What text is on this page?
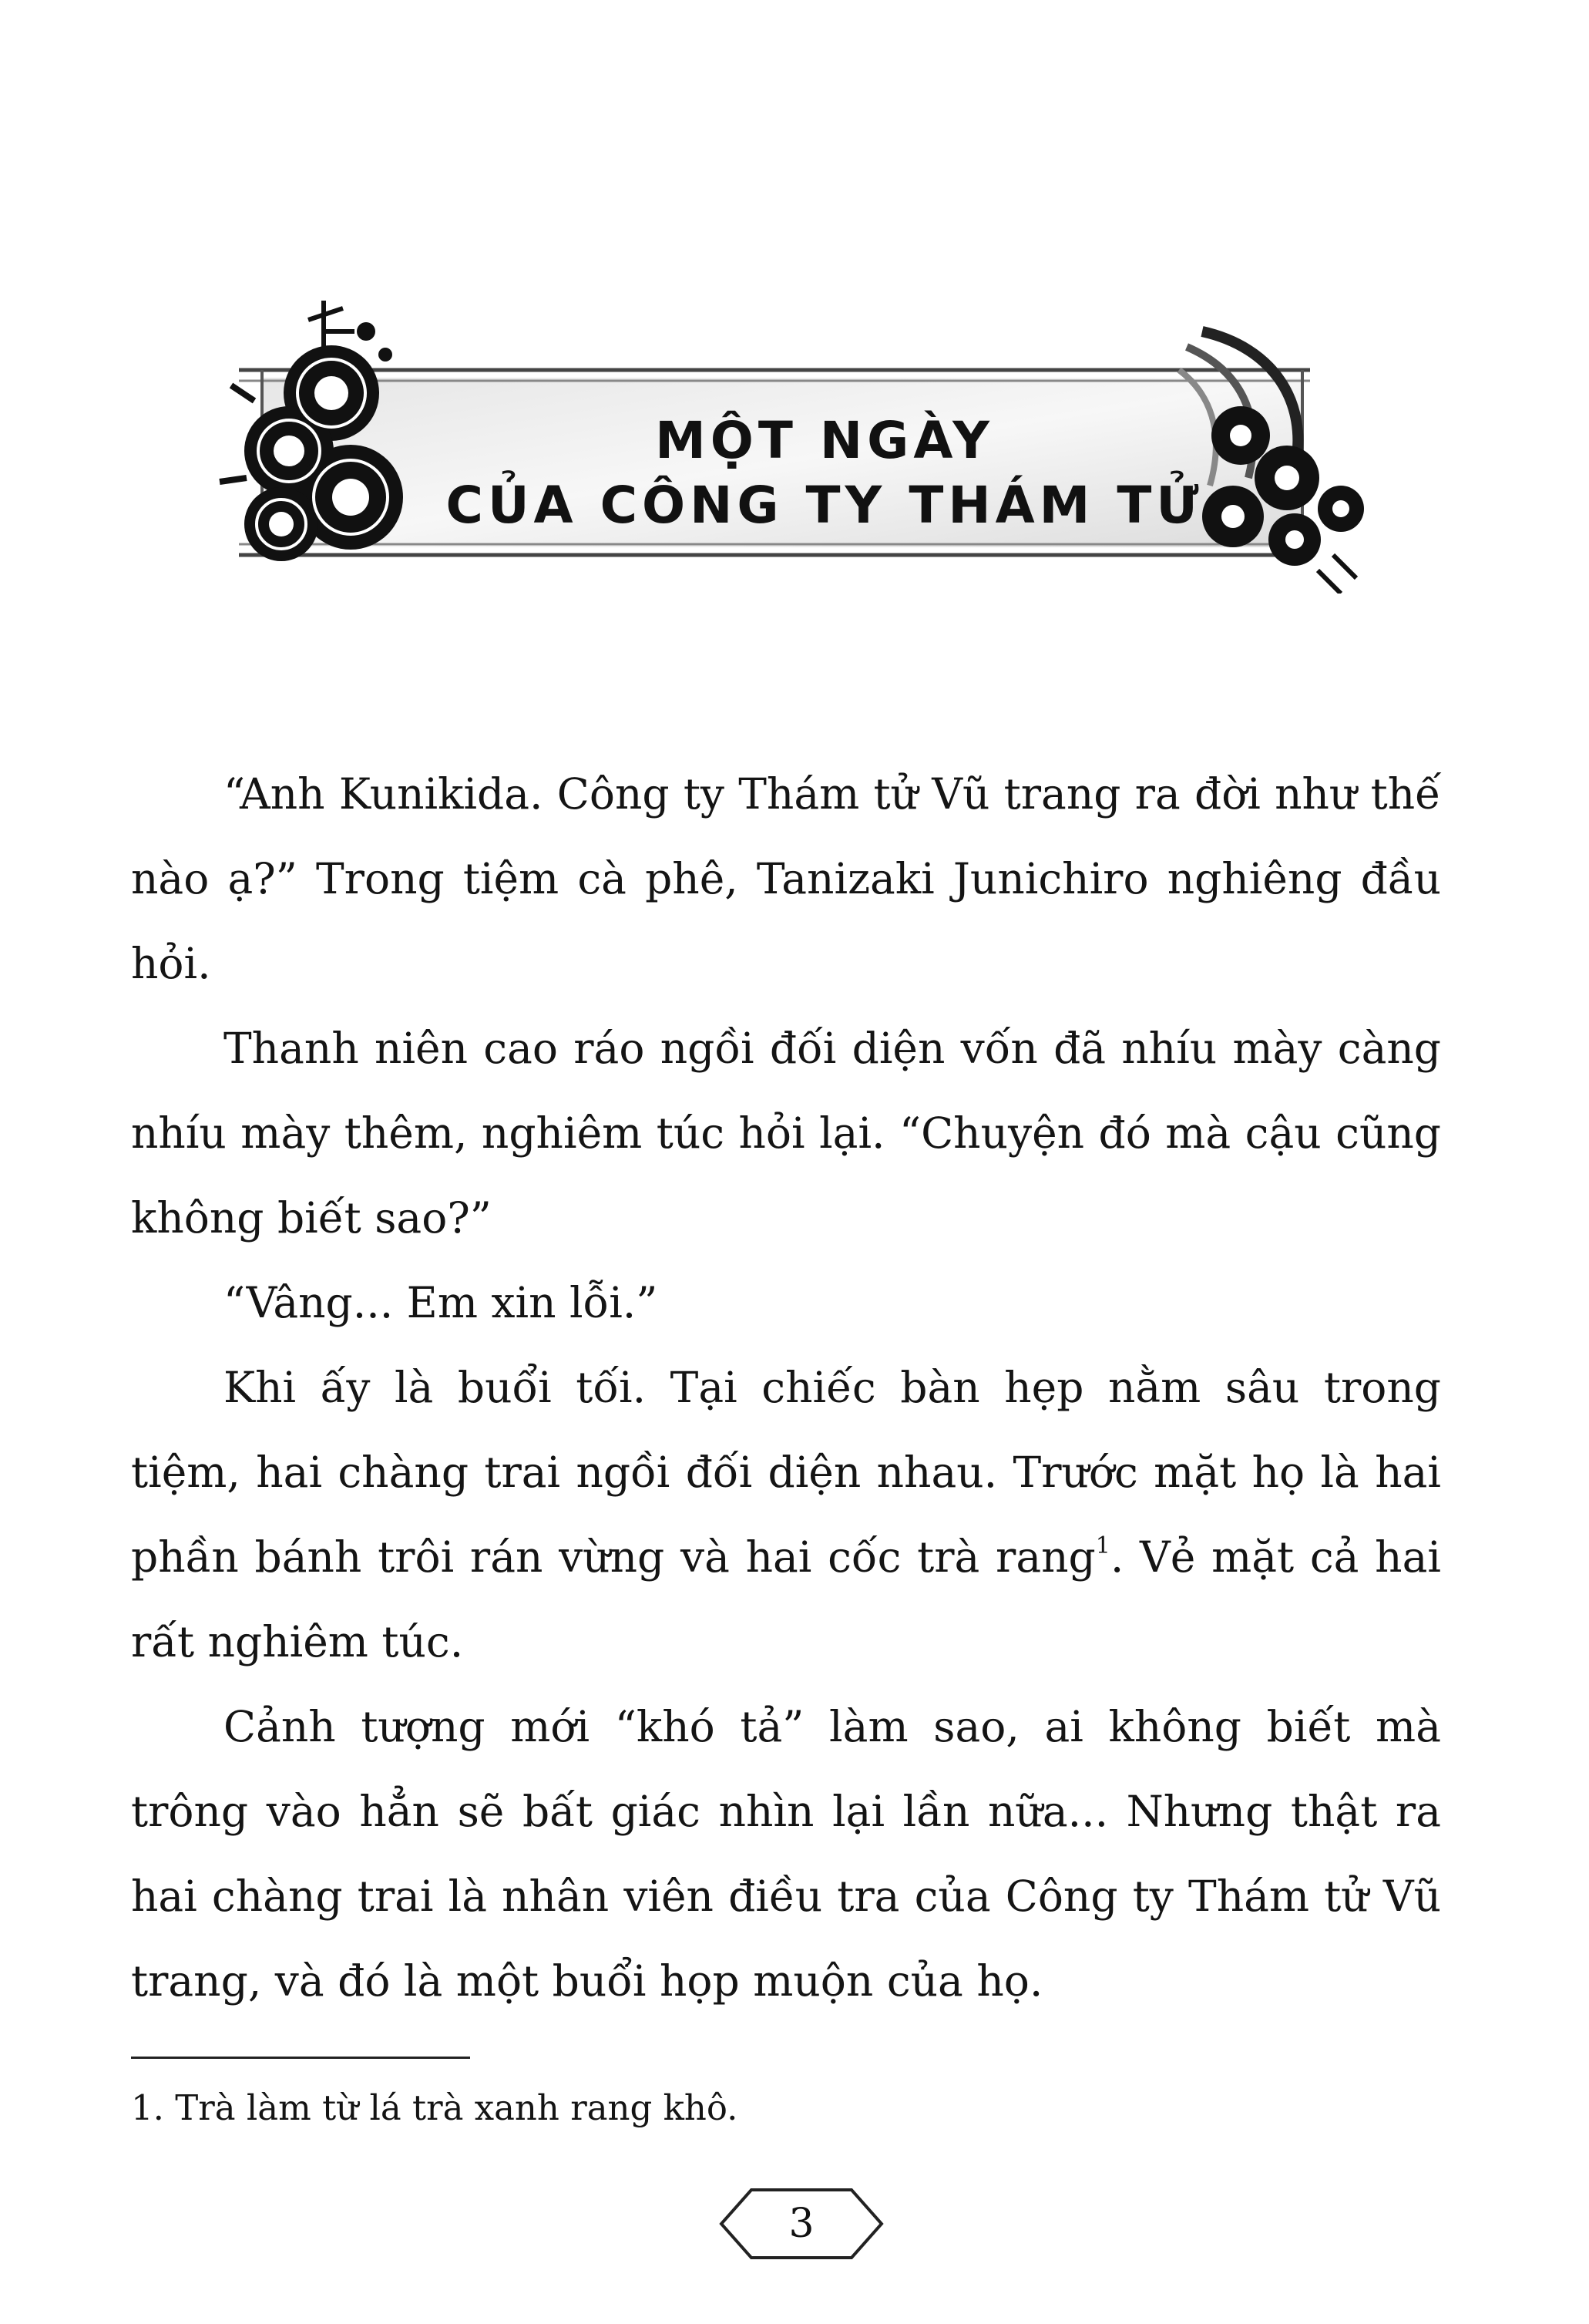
MỘT NGÀY
CỦA CÔNG TY THÁM TỬ

“Anh Kunikida. Công ty Thám tử Vũ trang ra đời như thế nào ạ?” Trong tiệm cà phê, Tanizaki Junichiro nghiêng đầu hỏi.

Thanh niên cao ráo ngồi đối diện vốn đã nhíu mày càng nhíu mày thêm, nghiêm túc hỏi lại. “Chuyện đó mà cậu cũng không biết sao?”

“Vâng... Em xin lỗi.”

Khi ấy là buổi tối. Tại chiếc bàn hẹp nằm sâu trong tiệm, hai chàng trai ngồi đối diện nhau. Trước mặt họ là hai phần bánh trôi rán vừng và hai cốc trà rang$^1$. Vẻ mặt cả hai rất nghiêm túc.

Cảnh tượng mới “khó tả” làm sao, ai không biết mà trông vào hẳn sẽ bất giác nhìn lại lần nữa... Nhưng thật ra hai chàng trai là nhân viên điều tra của Công ty Thám tử Vũ trang, và đó là một buổi họp muộn của họ.

1. Trà làm từ lá trà xanh rang khô.
3
